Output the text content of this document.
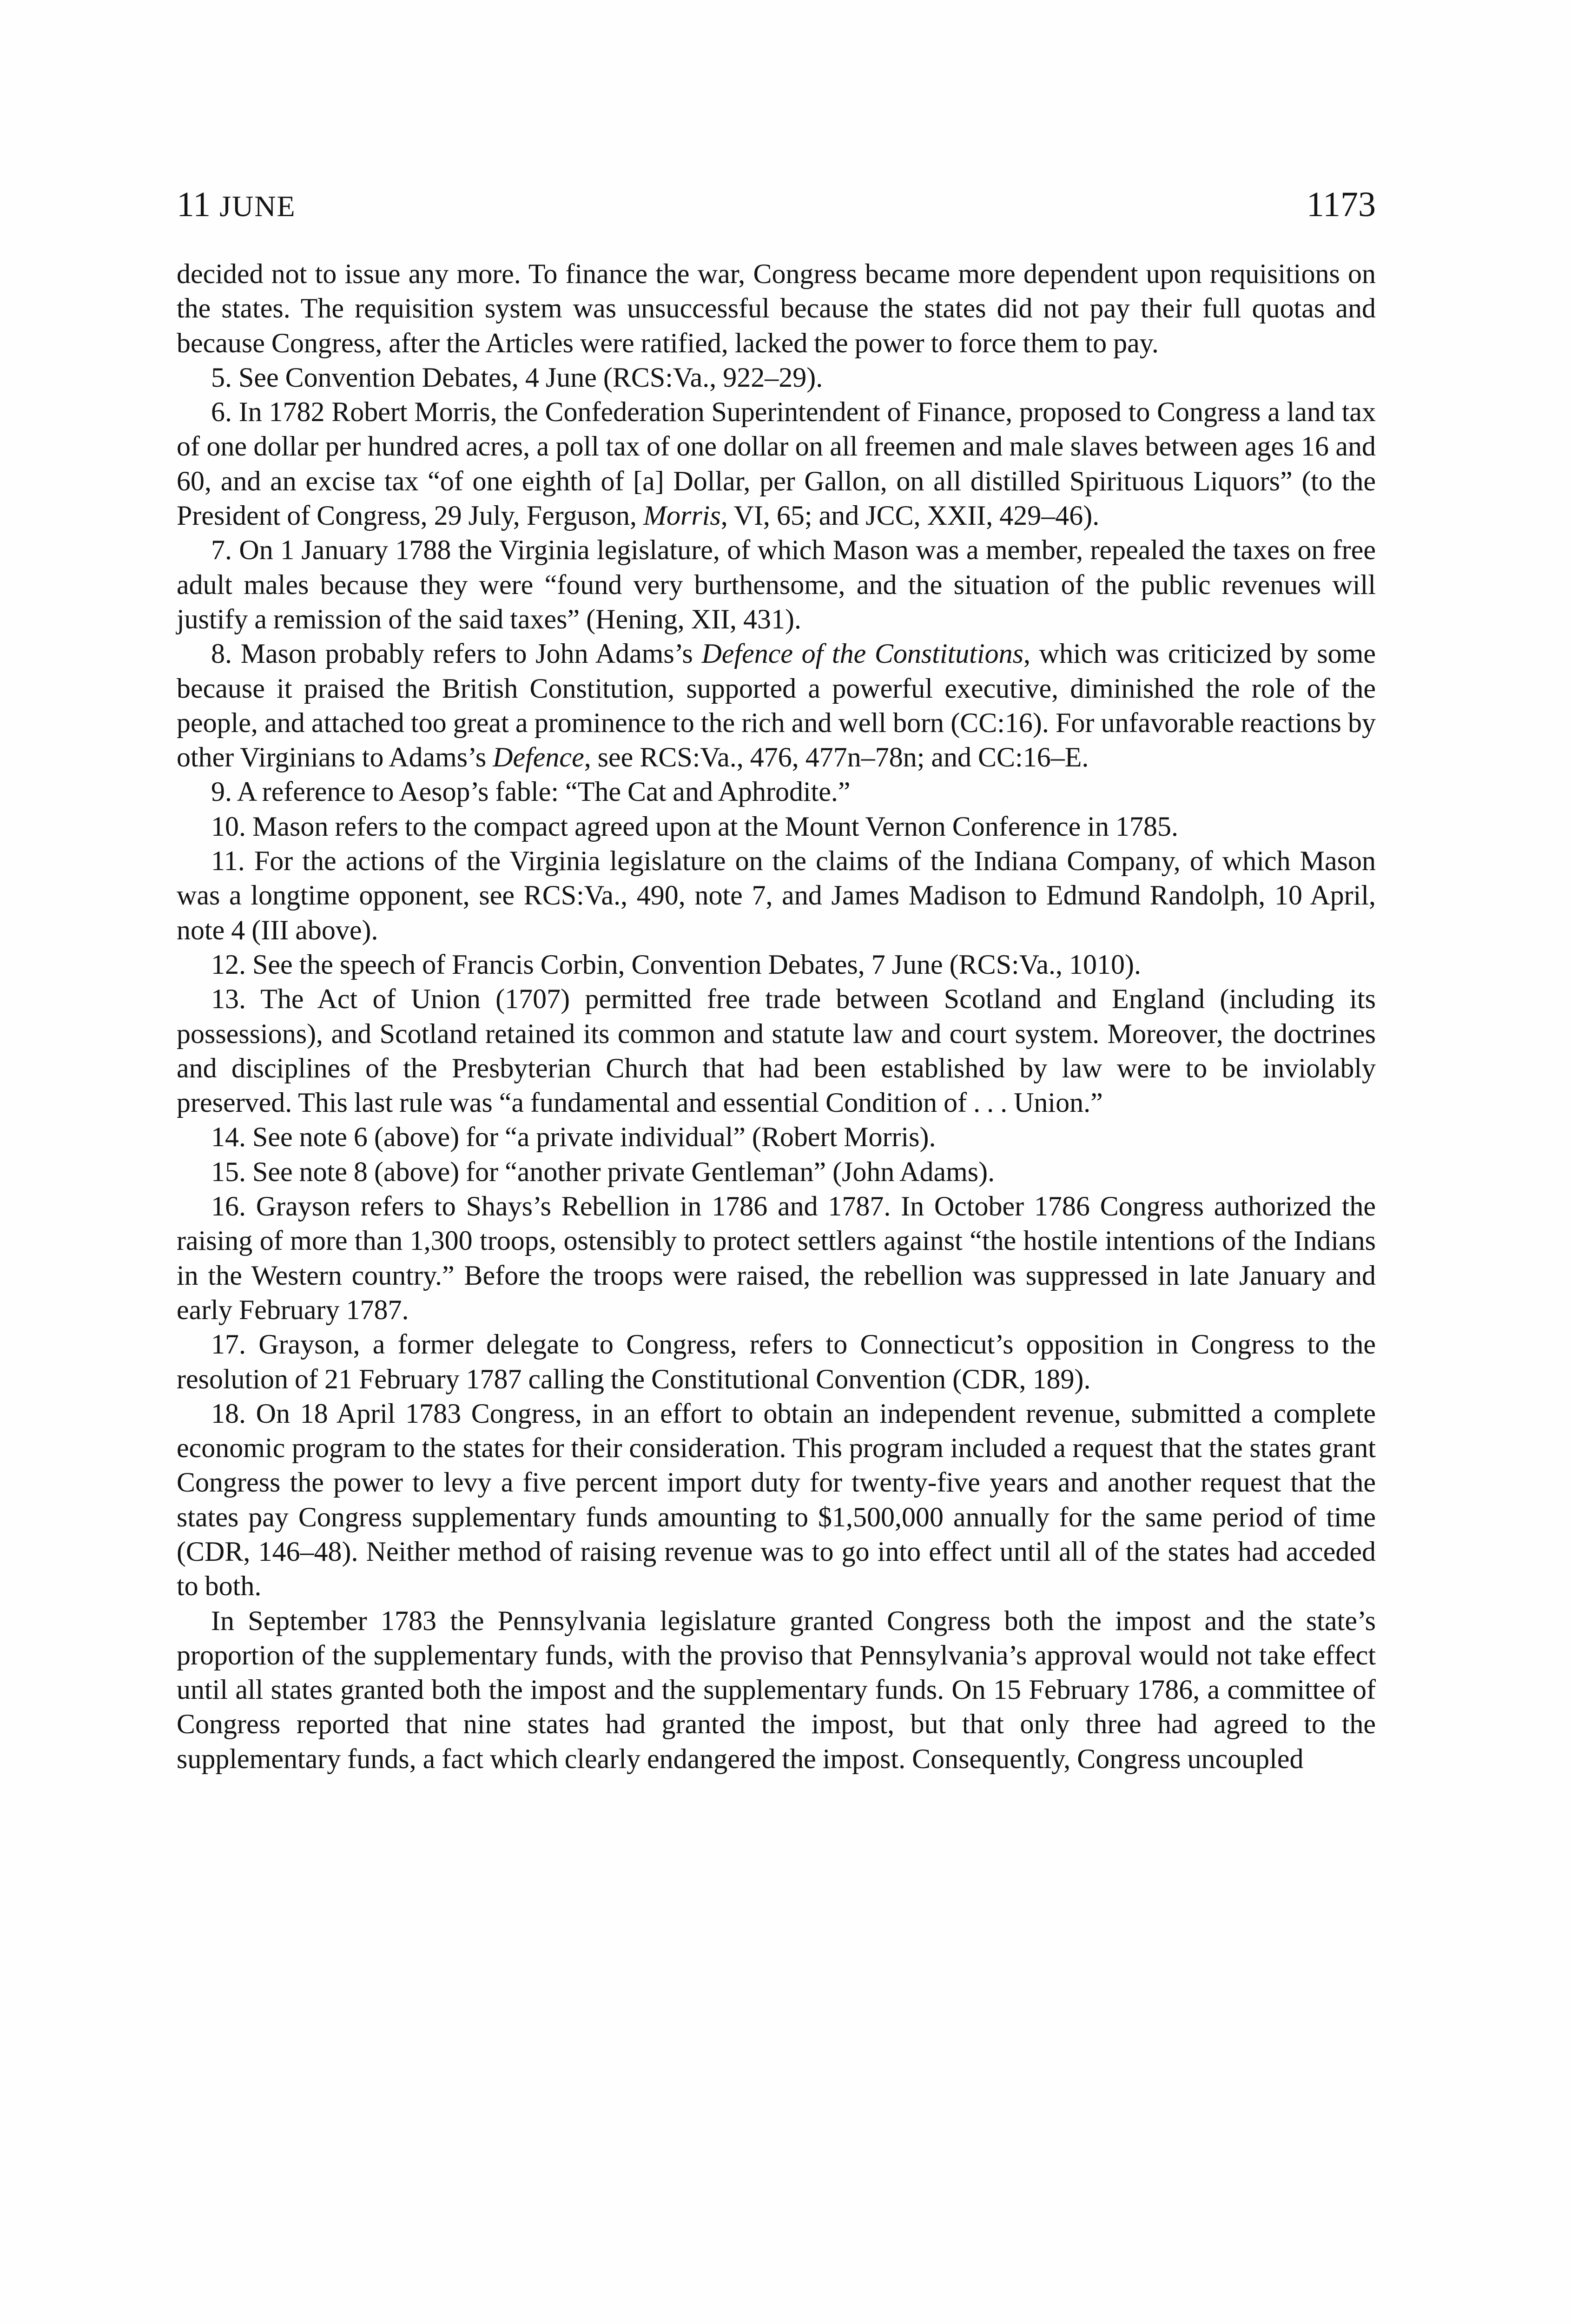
11 JUNE	1173

decided not to issue any more. To finance the war, Congress became more dependent upon requisitions on the states. The requisition system was unsuccessful because the states did not pay their full quotas and because Congress, after the Articles were ratified, lacked the power to force them to pay.

5. See Convention Debates, 4 June (RCS:Va., 922–29).

6. In 1782 Robert Morris, the Confederation Superintendent of Finance, proposed to Congress a land tax of one dollar per hundred acres, a poll tax of one dollar on all freemen and male slaves between ages 16 and 60, and an excise tax “of one eighth of [a] Dollar, per Gallon, on all distilled Spirituous Liquors” (to the President of Congress, 29 July, Ferguson, Morris, VI, 65; and JCC, XXII, 429–46).

7. On 1 January 1788 the Virginia legislature, of which Mason was a member, repealed the taxes on free adult males because they were “found very burthensome, and the situation of the public revenues will justify a remission of the said taxes” (Hening, XII, 431).

8. Mason probably refers to John Adams’s Defence of the Constitutions, which was criticized by some because it praised the British Constitution, supported a powerful executive, diminished the role of the people, and attached too great a prominence to the rich and well born (CC:16). For unfavorable reactions by other Virginians to Adams’s Defence, see RCS:Va., 476, 477n–78n; and CC:16–E.

9. A reference to Aesop’s fable: “The Cat and Aphrodite.”

10. Mason refers to the compact agreed upon at the Mount Vernon Conference in 1785.

11. For the actions of the Virginia legislature on the claims of the Indiana Company, of which Mason was a longtime opponent, see RCS:Va., 490, note 7, and James Madison to Edmund Randolph, 10 April, note 4 (III above).

12. See the speech of Francis Corbin, Convention Debates, 7 June (RCS:Va., 1010).

13. The Act of Union (1707) permitted free trade between Scotland and England (including its possessions), and Scotland retained its common and statute law and court system. Moreover, the doctrines and disciplines of the Presbyterian Church that had been established by law were to be inviolably preserved. This last rule was “a fundamental and essential Condition of . . . Union.”

14. See note 6 (above) for “a private individual” (Robert Morris).

15. See note 8 (above) for “another private Gentleman” (John Adams).

16. Grayson refers to Shays’s Rebellion in 1786 and 1787. In October 1786 Congress authorized the raising of more than 1,300 troops, ostensibly to protect settlers against “the hostile intentions of the Indians in the Western country.” Before the troops were raised, the rebellion was suppressed in late January and early February 1787.

17. Grayson, a former delegate to Congress, refers to Connecticut’s opposition in Congress to the resolution of 21 February 1787 calling the Constitutional Convention (CDR, 189).

18. On 18 April 1783 Congress, in an effort to obtain an independent revenue, submitted a complete economic program to the states for their consideration. This program included a request that the states grant Congress the power to levy a five percent import duty for twenty-five years and another request that the states pay Congress supplementary funds amounting to $1,500,000 annually for the same period of time (CDR, 146–48). Neither method of raising revenue was to go into effect until all of the states had acceded to both.

In September 1783 the Pennsylvania legislature granted Congress both the impost and the state’s proportion of the supplementary funds, with the proviso that Pennsylvania’s approval would not take effect until all states granted both the impost and the supplementary funds. On 15 February 1786, a committee of Congress reported that nine states had granted the impost, but that only three had agreed to the supplementary funds, a fact which clearly endangered the impost. Consequently, Congress uncoupled
